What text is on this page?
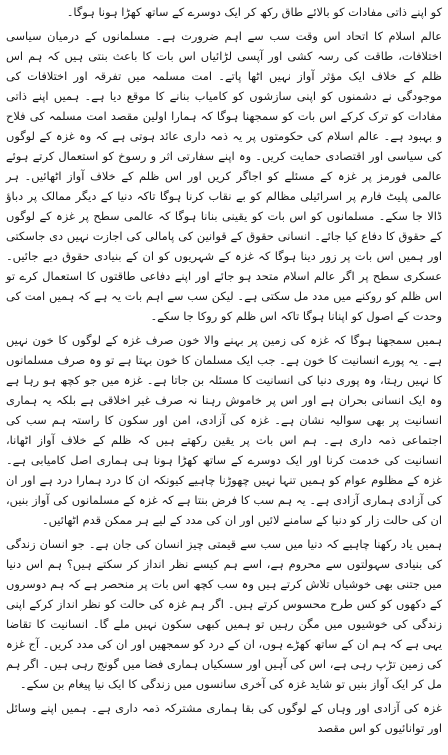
کو اپنے ذاتی مفادات کو بالائے طاق رکھ کر ایک دوسرے کے ساتھ کھڑا ہونا ہوگا۔

عالم اسلام کا اتحاد اس وقت سب سے اہم ضرورت ہے۔ مسلمانوں کے درمیان سیاسی اختلافات، طاقت کی رسہ کشی اور آپسی لڑائیاں اس بات کا باعث بنتی ہیں کہ ہم اس ظلم کے خلاف ایک مؤثر آواز نہیں اٹھا پاتے۔ امت مسلمہ میں تفرقہ اور اختلافات کی موجودگی نے دشمنوں کو اپنی سازشوں کو کامیاب بنانے کا موقع دیا ہے۔ ہمیں اپنے ذاتی مفادات کو ترک کرکے اس بات کو سمجھنا ہوگا کہ ہمارا اولین مقصد امت مسلمہ کی فلاح و بہبود ہے۔ عالم اسلام کی حکومتوں پر یہ ذمہ داری عائد ہوتی ہے کہ وہ غزہ کے لوگوں کی سیاسی اور اقتصادی حمایت کریں۔ وہ اپنے سفارتی اثر و رسوخ کو استعمال کرتے ہوئے عالمی فورمز پر غزہ کے مسئلے کو اجاگر کریں اور اس ظلم کے خلاف آواز اٹھائیں۔ ہر عالمی پلیٹ فارم پر اسرائیلی مظالم کو بے نقاب کرنا ہوگا تاکہ دنیا کے دیگر ممالک پر دباؤ ڈالا جا سکے۔ مسلمانوں کو اس بات کو یقینی بنانا ہوگا کہ عالمی سطح پر غزہ کے لوگوں کے حقوق کا دفاع کیا جائے۔ انسانی حقوق کے قوانین کی پامالی کی اجازت نہیں دی جاسکتی اور ہمیں اس بات پر زور دینا ہوگا کہ غزہ کے شہریوں کو ان کے بنیادی حقوق دیے جائیں۔ عسکری سطح پر اگر عالم اسلام متحد ہو جائے اور اپنے دفاعی طاقتوں کا استعمال کرے تو اس ظلم کو روکنے میں مدد مل سکتی ہے۔ لیکن سب سے اہم بات یہ ہے کہ ہمیں امت کی وحدت کے اصول کو اپنانا ہوگا تاکہ اس ظلم کو روکا جا سکے۔

ہمیں سمجھنا ہوگا کہ غزہ کی زمین پر بہنے والا خون صرف غزہ کے لوگوں کا خون نہیں ہے۔ یہ پورے انسانیت کا خون ہے۔ جب ایک مسلمان کا خون بہتا ہے تو وہ صرف مسلمانوں کا نہیں رہتا، وہ پوری دنیا کی انسانیت کا مسئلہ بن جاتا ہے۔ غزہ میں جو کچھ ہو رہا ہے وہ ایک انسانی بحران ہے اور اس پر خاموش رہنا نہ صرف غیر اخلاقی ہے بلکہ یہ ہماری انسانیت پر بھی سوالیہ نشان ہے۔ غزہ کی آزادی، امن اور سکون کا راستہ ہم سب کی اجتماعی ذمہ داری ہے۔ ہم اس بات پر یقین رکھتے ہیں کہ ظلم کے خلاف آواز اٹھانا، انسانیت کی خدمت کرنا اور ایک دوسرے کے ساتھ کھڑا ہونا ہی ہماری اصل کامیابی ہے۔ غزہ کے مظلوم عوام کو ہمیں تنہا نہیں چھوڑنا چاہیے کیونکہ ان کا درد ہمارا درد ہے اور ان کی آزادی ہماری آزادی ہے۔ یہ ہم سب کا فرض بنتا ہے کہ غزہ کے مسلمانوں کی آواز بنیں، ان کی حالت زار کو دنیا کے سامنے لائیں اور ان کی مدد کے لیے ہر ممکن قدم اٹھائیں۔

ہمیں یاد رکھنا چاہیے کہ دنیا میں سب سے قیمتی چیز انسان کی جان ہے۔ جو انسان زندگی کی بنیادی سہولتوں سے محروم ہے، اسے ہم کیسے نظر انداز کر سکتے ہیں؟ ہم اس دنیا میں جتنی بھی خوشیاں تلاش کرتے ہیں وہ سب کچھ اس بات پر منحصر ہے کہ ہم دوسروں کے دکھوں کو کس طرح محسوس کرتے ہیں۔ اگر ہم غزہ کی حالت کو نظر انداز کرکے اپنی زندگی کی خوشیوں میں مگن رہیں تو ہمیں کبھی سکون نہیں ملے گا۔ انسانیت کا تقاضا یہی ہے کہ ہم ان کے ساتھ کھڑے ہوں، ان کے درد کو سمجھیں اور ان کی مدد کریں۔ آج غزہ کی زمین تڑپ رہی ہے، اس کی آہیں اور سسکیاں ہماری فضا میں گونج رہی ہیں۔ اگر ہم مل کر ایک آواز بنیں تو شاید غزہ کی آخری سانسوں میں زندگی کا ایک نیا پیغام بن سکے۔

غزہ کی آزادی اور وہاں کے لوگوں کی بقا ہماری مشترکہ ذمہ داری ہے۔ ہمیں اپنے وسائل اور توانائیوں کو اس مقصد
